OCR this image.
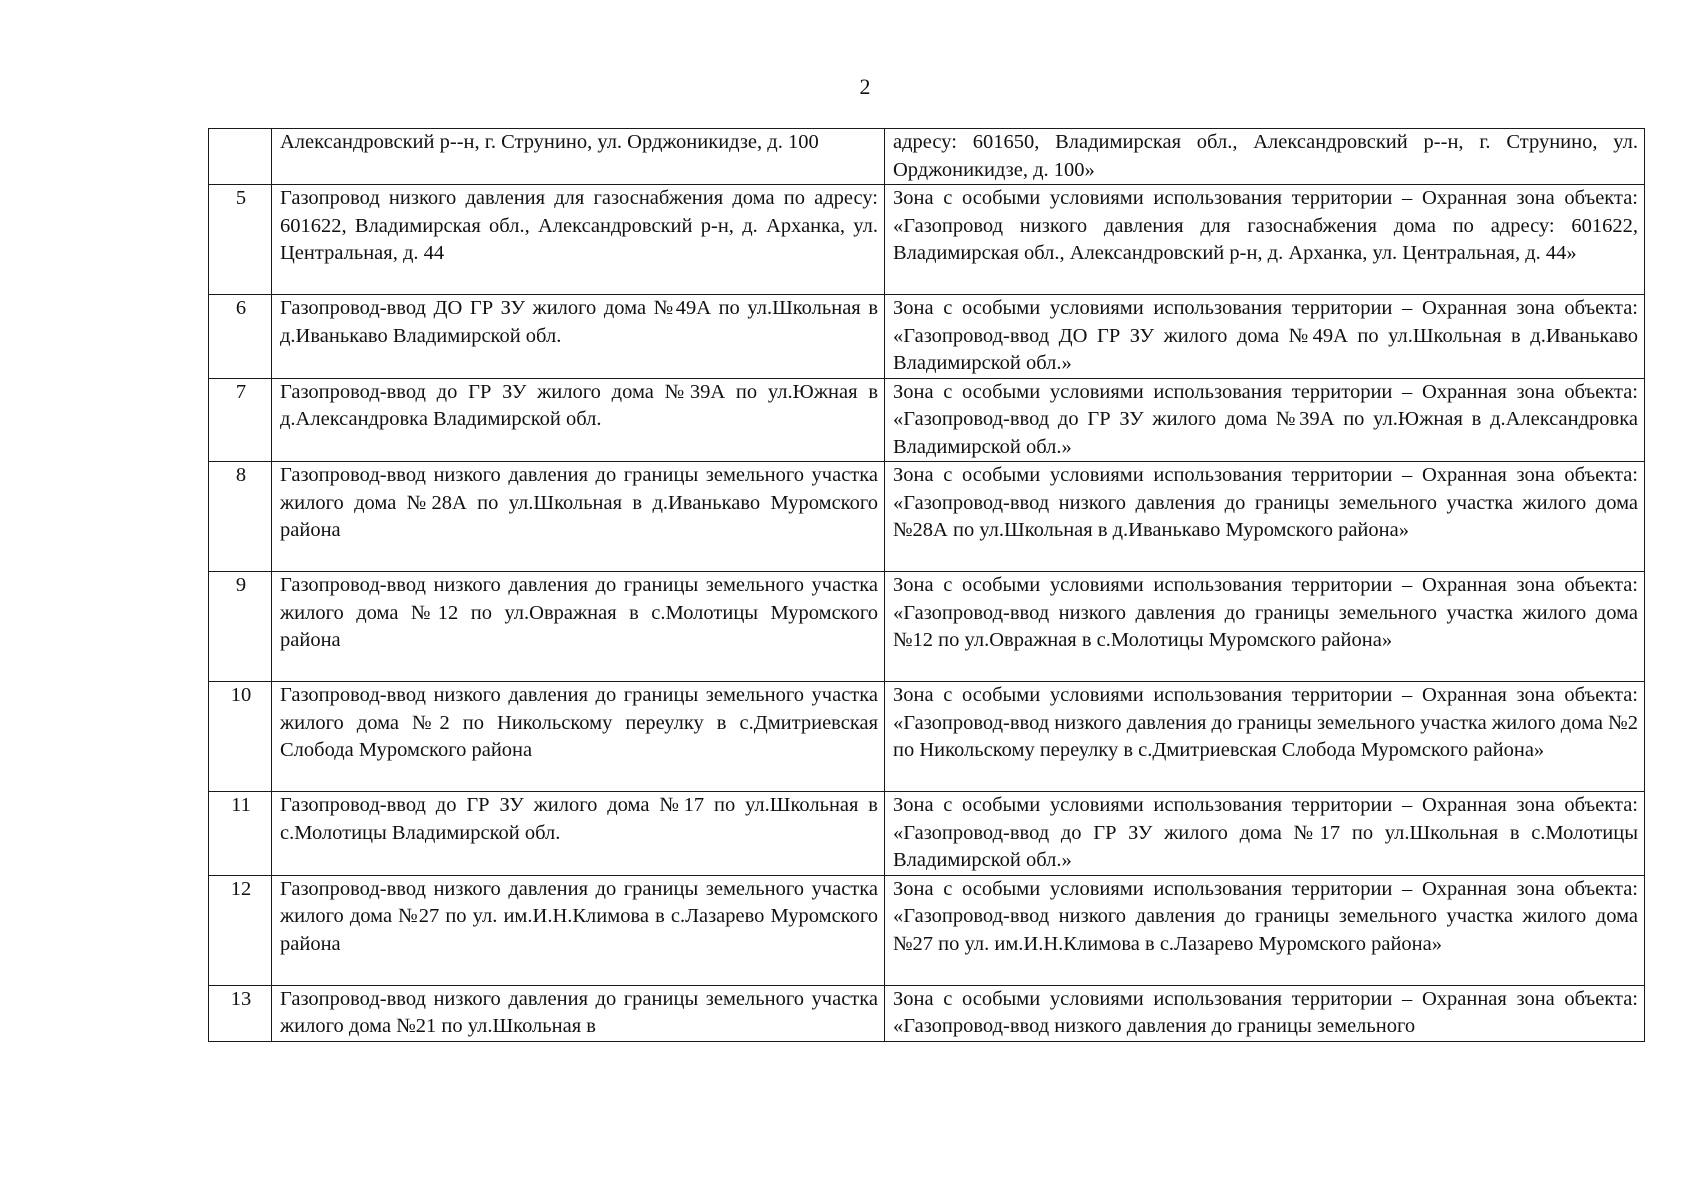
2
	Александровский р--н, г. Струнино, ул. Орджоникидзе, д. 100	адресу: 601650, Владимирская обл., Александровский р--н, г. Струнино, ул. Орджоникидзе, д. 100»
5	Газопровод низкого давления для газоснабжения дома по адресу: 601622, Владимирская обл., Александровский р-н, д. Арханка, ул. Центральная, д. 44	Зона с особыми условиями использования территории – Охранная зона объекта: «Газопровод низкого давления для газоснабжения дома по адресу: 601622, Владимирская обл., Александровский р-н, д. Арханка, ул. Центральная, д. 44»
6	Газопровод-ввод ДО ГР ЗУ жилого дома №49А по ул.Школьная в д.Иванькаво Владимирской обл.	Зона с особыми условиями использования территории – Охранная зона объекта: «Газопровод-ввод ДО ГР ЗУ жилого дома №49А по ул.Школьная в д.Иванькаво Владимирской обл.»
7	Газопровод-ввод до ГР ЗУ жилого дома №39А по ул.Южная в д.Александровка Владимирской обл.	Зона с особыми условиями использования территории – Охранная зона объекта: «Газопровод-ввод до ГР ЗУ жилого дома №39А по ул.Южная в д.Александровка Владимирской обл.»
8	Газопровод-ввод низкого давления до границы земельного участка жилого дома №28А по ул.Школьная в д.Иванькаво Муромского района	Зона с особыми условиями использования территории – Охранная зона объекта: «Газопровод-ввод низкого давления до границы земельного участка жилого дома №28А по ул.Школьная в д.Иванькаво Муромского района»
9	Газопровод-ввод низкого давления до границы земельного участка жилого дома №12 по ул.Овражная в с.Молотицы Муромского района	Зона с особыми условиями использования территории – Охранная зона объекта: «Газопровод-ввод низкого давления до границы земельного участка жилого дома №12 по ул.Овражная в с.Молотицы Муромского района»
10	Газопровод-ввод низкого давления до границы земельного участка жилого дома №2 по Никольскому переулку в с.Дмитриевская Слобода Муромского района	Зона с особыми условиями использования территории – Охранная зона объекта: «Газопровод-ввод низкого давления до границы земельного участка жилого дома №2 по Никольскому переулку в с.Дмитриевская Слобода Муромского района»
11	Газопровод-ввод до ГР ЗУ жилого дома №17 по ул.Школьная в с.Молотицы Владимирской обл.	Зона с особыми условиями использования территории – Охранная зона объекта: «Газопровод-ввод до ГР ЗУ жилого дома №17 по ул.Школьная в с.Молотицы Владимирской обл.»
12	Газопровод-ввод низкого давления до границы земельного участка жилого дома №27 по ул. им.И.Н.Климова в с.Лазарево Муромского района	Зона с особыми условиями использования территории – Охранная зона объекта: «Газопровод-ввод низкого давления до границы земельного участка жилого дома №27 по ул. им.И.Н.Климова в с.Лазарево Муромского района»
13	Газопровод-ввод низкого давления до границы земельного участка жилого дома №21 по ул.Школьная в	Зона с особыми условиями использования территории – Охранная зона объекта: «Газопровод-ввод низкого давления до границы земельного
